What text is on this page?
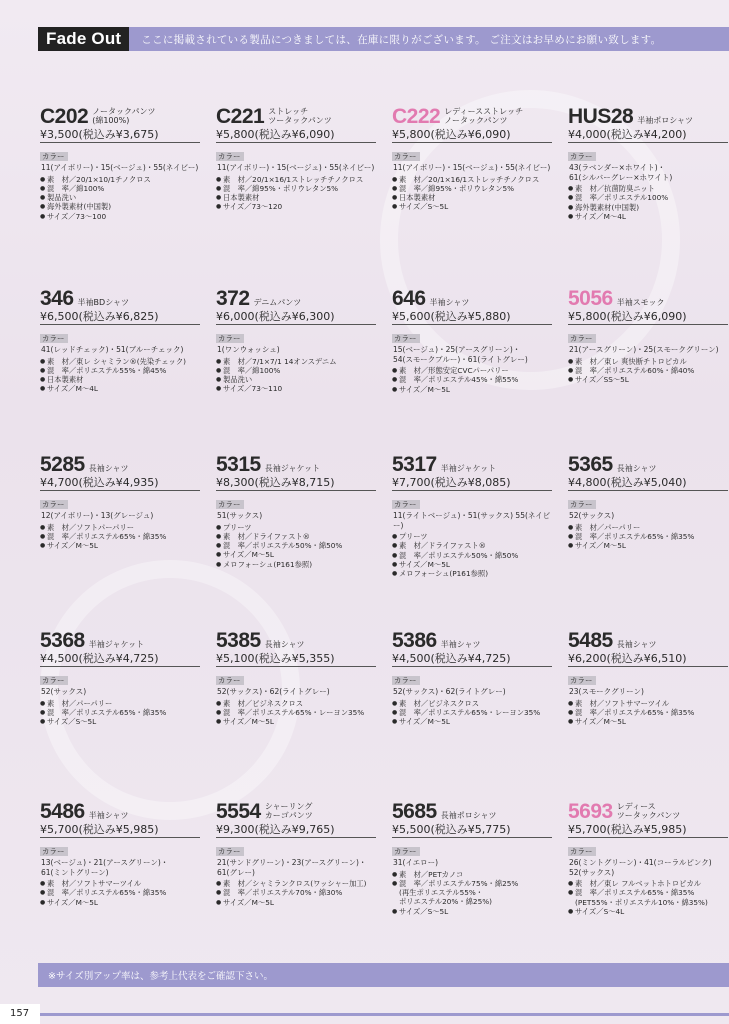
Fade Out	ここに掲載されている製品につきましては、在庫に限りがございます。 ご注文はお早めにお願い致します。
C202 ノータックパンツ
(綿100%)
¥3,500(税込み¥3,675)
カラー
11(アイボリー)・15(ベージュ)・55(ネイビー)
● 素　材／20/1×10/1チノクロス
● 混　率／綿100%
● 製品洗い
● 海外製素材(中国製)
● サイズ／73～100
C221 ストレッチ
ツータックパンツ
¥5,800(税込み¥6,090)
カラー
11(アイボリー)・15(ベージュ)・55(ネイビー)
● 素　材／20/1×16/1ストレッチチノクロス
● 混　率／綿95%・ポリウレタン5%
● 日本製素材
● サイズ／73～120
C222 レディースストレッチ
ノータックパンツ
¥5,800(税込み¥6,090)
カラー
11(アイボリー)・15(ベージュ)・55(ネイビー)
● 素　材／20/1×16/1ストレッチチノクロス
● 混　率／綿95%・ポリウレタン5%
● 日本製素材
● サイズ／S～5L
HUS28 半袖ポロシャツ
¥4,000(税込み¥4,200)
カラー
43(ラベンダー×ホワイト)・
61(シルバーグレー×ホワイト)
● 素　材／抗菌防臭ニット
● 混　率／ポリエステル100%
● 海外製素材(中国製)
● サイズ／M～4L
346 半袖BDシャツ
¥6,500(税込み¥6,825)
カラー
41(レッドチェック)・51(ブルーチェック)
● 素　材／東レ シャミラン®(先染チェック)
● 混　率／ポリエステル55%・綿45%
● 日本製素材
● サイズ／M～4L
372 デニムパンツ
¥6,000(税込み¥6,300)
カラー
1(ワンウォッシュ)
● 素　材／7/1×7/1 14オンスデニム
● 混　率／綿100%
● 製品洗い
● サイズ／73～110
646 半袖シャツ
¥5,600(税込み¥5,880)
カラー
15(ベージュ)・25(アースグリーン)・
54(スモークブルー)・61(ライトグレー)
● 素　材／形態安定CVCパーパリー
● 混　率／ポリエステル45%・綿55%
● サイズ／M～5L
5056 半袖スモック
¥5,800(税込み¥6,090)
カラー
21(アースグリーン)・25(スモークグリーン)
● 素　材／東レ 爽快断チトロピカル
● 混　率／ポリエステル60%・綿40%
● サイズ／SS～5L
5285 長袖シャツ
¥4,700(税込み¥4,935)
カラー
12(アイボリー)・13(グレージュ)
● 素　材／ソフトパーパリー
● 混　率／ポリエステル65%・綿35%
● サイズ／M～5L
5315 長袖ジャケット
¥8,300(税込み¥8,715)
カラー
51(サックス)
● プリーツ
● 素　材／ドライファスト®
● 混　率／ポリエステル50%・綿50%
● サイズ／M～5L
● メロフォーシュ(P161参照)
5317 半袖ジャケット
¥7,700(税込み¥8,085)
カラー
11(ライトベージュ)・51(サックス) 55(ネイビー)
● プリーツ
● 素　材／ドライファスト®
● 混　率／ポリエステル50%・綿50%
● サイズ／M～5L
● メロフォーシュ(P161参照)
5365 長袖シャツ
¥4,800(税込み¥5,040)
カラー
52(サックス)
● 素　材／パーパリー
● 混　率／ポリエステル65%・綿35%
● サイズ／M～5L
5368 半袖ジャケット
¥4,500(税込み¥4,725)
カラー
52(サックス)
● 素　材／パーパリー
● 混　率／ポリエステル65%・綿35%
● サイズ／S～5L
5385 長袖シャツ
¥5,100(税込み¥5,355)
カラー
52(サックス)・62(ライトグレー)
● 素　材／ビジネスクロス
● 混　率／ポリエステル65%・レーヨン35%
● サイズ／M～5L
5386 半袖シャツ
¥4,500(税込み¥4,725)
カラー
52(サックス)・62(ライトグレー)
● 素　材／ビジネスクロス
● 混　率／ポリエステル65%・レーヨン35%
● サイズ／M～5L
5485 長袖シャツ
¥6,200(税込み¥6,510)
カラー
23(スモークグリーン)
● 素　材／ソフトサマーツイル
● 混　率／ポリエステル65%・綿35%
● サイズ／M～5L
5486 半袖シャツ
¥5,700(税込み¥5,985)
カラー
13(ベージュ)・21(アースグリーン)・
61(ミントグリーン)
● 素　材／ソフトサマーツイル
● 混　率／ポリエステル65%・綿35%
● サイズ／M～5L
5554 シャーリング
カーゴパンツ
¥9,300(税込み¥9,765)
カラー
21(サンドグリーン)・23(アースグリーン)・
61(グレー)
● 素　材／シャミランクロス(ワッシャー加工)
● 混　率／ポリエステル70%・綿30%
● サイズ／M～5L
5685 長袖ポロシャツ
¥5,500(税込み¥5,775)
カラー
31(イエロー)
● 素　材／PETカノコ
● 混　率／ポリエステル75%・綿25%
(再生ポリエステル55%・
ポリエステル20%・綿25%)
● サイズ／S～5L
5693 レディース
ツータックパンツ
¥5,700(税込み¥5,985)
カラー
26(ミントグリーン)・41(コーラルピンク)
52(サックス)
● 素　材／東レ フルベットホトロピカル
● 混　率／ポリエステル65%・綿35%
(PET55%・ポリエステル10%・綿35%)
● サイズ／S～4L
※サイズ別アップ率は、参考上代表をご確認下さい。
157
